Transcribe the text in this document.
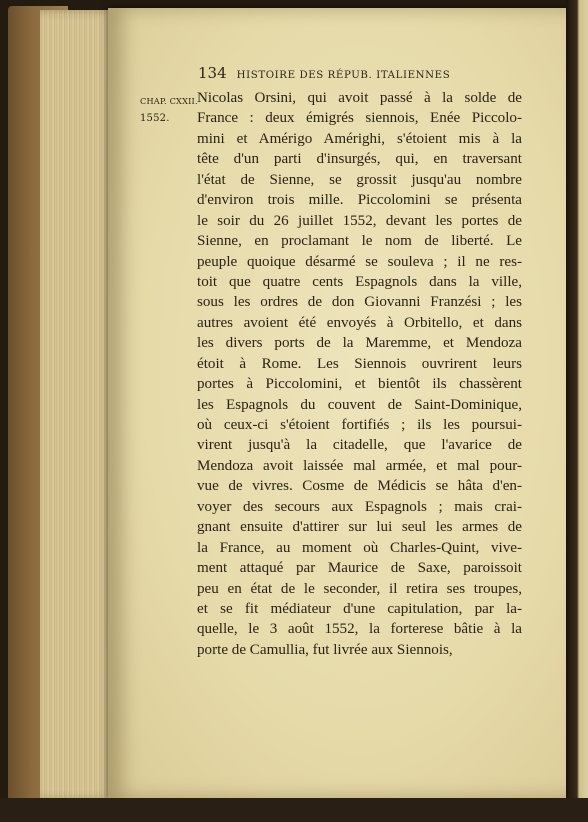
134 HISTOIRE DES RÉPUB. ITALIENNES
CHAP. CXXII.
1552.
Nicolas Orsini, qui avoit passé à la solde de
France : deux émigrés siennois, Enée Piccolo-
mini et Amérigo Amérighi, s'étoient mis à la
tête d'un parti d'insurgés, qui, en traversant
l'état de Sienne, se grossit jusqu'au nombre
d'environ trois mille. Piccolomini se présenta
le soir du 26 juillet 1552, devant les portes de
Sienne, en proclamant le nom de liberté. Le
peuple quoique désarmé se souleva ; il ne res-
toit que quatre cents Espagnols dans la ville,
sous les ordres de don Giovanni Franzési ; les
autres avoient été envoyés à Orbitello, et dans
les divers ports de la Maremme, et Mendoza
étoit à Rome. Les Siennois ouvrirent leurs
portes à Piccolomini, et bientôt ils chassèrent
les Espagnols du couvent de Saint-Dominique,
où ceux-ci s'étoient fortifiés ; ils les poursui-
virent jusqu'à la citadelle, que l'avarice de
Mendoza avoit laissée mal armée, et mal pour-
vue de vivres. Cosme de Médicis se hâta d'en-
voyer des secours aux Espagnols ; mais crai-
gnant ensuite d'attirer sur lui seul les armes de
la France, au moment où Charles-Quint, vive-
ment attaqué par Maurice de Saxe, paroissoit
peu en état de le seconder, il retira ses troupes,
et se fit médiateur d'une capitulation, par la-
quelle, le 3 août 1552, la forterese bâtie à la
porte de Camullia, fut livrée aux Siennois,
